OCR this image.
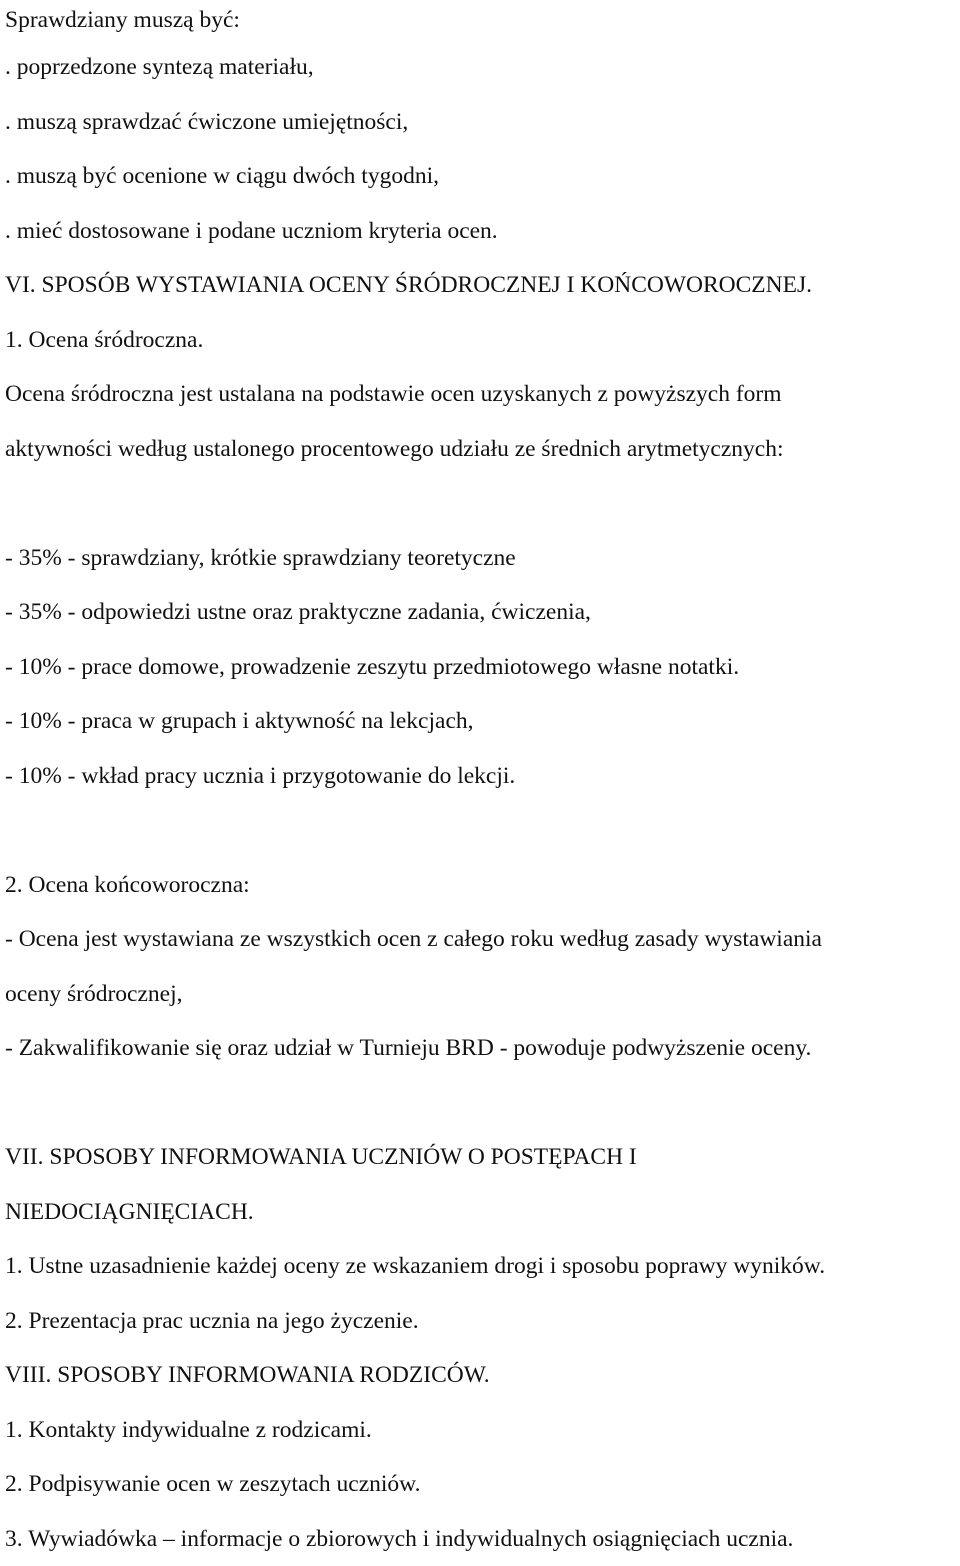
Sprawdziany muszą być:
. poprzedzone syntezą materiału,
. muszą sprawdzać ćwiczone umiejętności,
. muszą być ocenione w ciągu dwóch tygodni,
. mieć dostosowane i podane uczniom kryteria ocen.
VI. SPOSÓB WYSTAWIANIA OCENY ŚRÓDROCZNEJ I KOŃCOWOROCZNEJ.
1. Ocena śródroczna.
Ocena śródroczna jest ustalana na podstawie ocen uzyskanych z powyższych form
aktywności według ustalonego procentowego udziału ze średnich arytmetycznych:
- 35% - sprawdziany, krótkie sprawdziany teoretyczne
- 35% - odpowiedzi ustne oraz praktyczne zadania, ćwiczenia,
- 10% - prace domowe, prowadzenie zeszytu przedmiotowego własne notatki.
- 10% - praca w grupach i aktywność na lekcjach,
- 10% - wkład pracy ucznia i przygotowanie do lekcji.
2. Ocena końcoworoczna:
- Ocena jest wystawiana ze wszystkich ocen z całego roku według zasady wystawiania
oceny śródrocznej,
- Zakwalifikowanie się oraz udział w Turnieju BRD - powoduje podwyższenie oceny.
VII. SPOSOBY INFORMOWANIA UCZNIÓW O POSTĘPACH I
NIEDOCIĄGNIĘCIACH.
1. Ustne uzasadnienie każdej oceny ze wskazaniem drogi i sposobu poprawy wyników.
2. Prezentacja prac ucznia na jego życzenie.
VIII. SPOSOBY INFORMOWANIA RODZICÓW.
1. Kontakty indywidualne z rodzicami.
2. Podpisywanie ocen w zeszytach uczniów.
3. Wywiadówka – informacje o zbiorowych i indywidualnych osiągnięciach ucznia.
